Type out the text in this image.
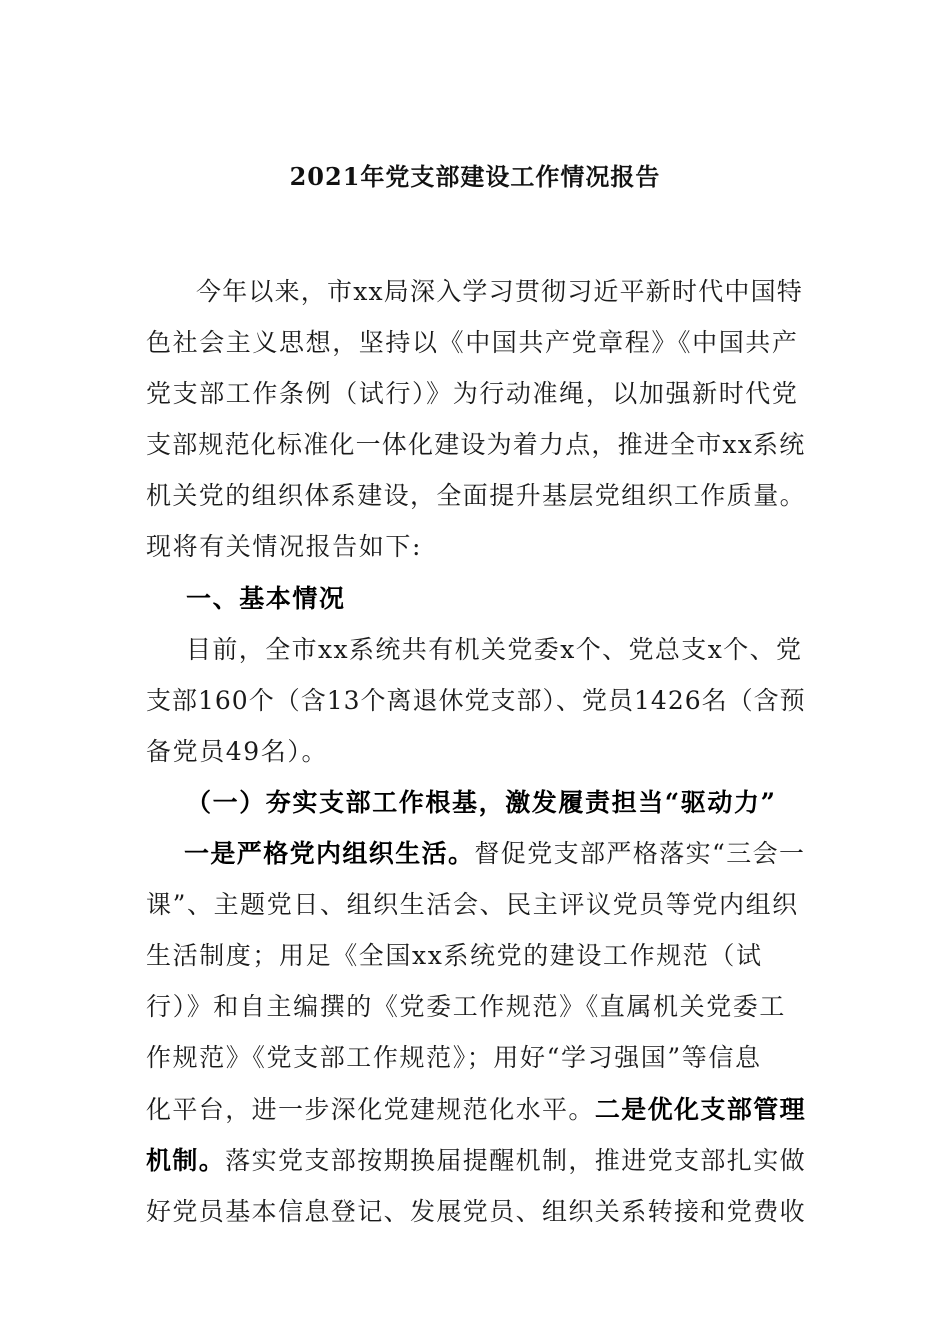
2021年党支部建设工作情况报告
今年以来，市xx局深入学习贯彻习近平新时代中国特
色社会主义思想，坚持以《中国共产党章程》《中国共产
党支部工作条例（试行）》为行动准绳，以加强新时代党
支部规范化标准化一体化建设为着力点，推进全市xx系统
机关党的组织体系建设，全面提升基层党组织工作质量。
现将有关情况报告如下:
一、基本情况
目前，全市xx系统共有机关党委x个、党总支x个、党
支部160个（含13个离退休党支部）、党员1426名（含预
备党员49名）。
（一）夯实支部工作根基，激发履责担当“驱动力”
一是严格党内组织生活。督促党支部严格落实“三会一
课”、主题党日、组织生活会、民主评议党员等党内组织
生活制度；用足《全国xx系统党的建设工作规范（试
行）》和自主编撰的《党委工作规范》《直属机关党委工
作规范》《党支部工作规范》；用好“学习强国”等信息
化平台，进一步深化党建规范化水平。二是优化支部管理
机制。落实党支部按期换届提醒机制，推进党支部扎实做
好党员基本信息登记、发展党员、组织关系转接和党费收
